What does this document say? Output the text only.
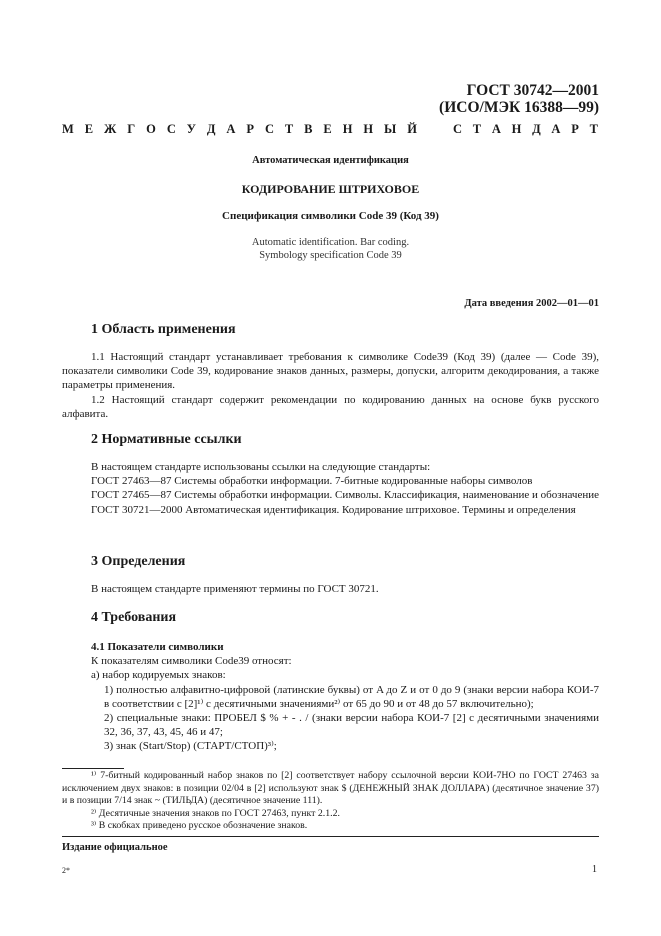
ГОСТ 30742—2001
(ИСО/МЭК 16388—99)
М Е Ж Г О С У Д А Р С Т В Е Н Н Ы Й	С Т А Н Д А Р Т
Автоматическая идентификация
КОДИРОВАНИЕ ШТРИХОВОЕ
Спецификация символики Code 39 (Код 39)
Automatic identification. Bar coding.
Symbology specification Code 39
Дата введения 2002—01—01
1 Область применения

1.1 Настоящий стандарт устанавливает требования к символике Code39 (Код 39) (далее — Code 39), показатели символики Code 39, кодирование знаков данных, размеры, допуски, алгоритм декодирования, а также параметры применения.

1.2 Настоящий стандарт содержит рекомендации по кодированию данных на основе букв русского алфавита.

2 Нормативные ссылки

В настоящем стандарте использованы ссылки на следующие стандарты:

ГОСТ 27463—87 Системы обработки информации. 7-битные кодированные наборы символов

ГОСТ 27465—87 Системы обработки информации. Символы. Классификация, наименование и обозначение

ГОСТ 30721—2000 Автоматическая идентификация. Кодирование штриховое. Термины и определения

3 Определения

В настоящем стандарте применяют термины по ГОСТ 30721.

4 Требования

4.1 Показатели символики

К показателям символики Code39 относят:

а) набор кодируемых знаков:

1) полностью алфавитно-цифровой (латинские буквы) от A до Z и от 0 до 9 (знаки версии набора КОИ-7 в соответствии с [2]¹⁾ с десятичными значениями²⁾ от 65 до 90 и от 48 до 57 включительно);

2) специальные знаки: ПРОБЕЛ $ % + - . / (знаки версии набора КОИ-7 [2] с десятичными значениями 32, 36, 37, 43, 45, 46 и 47;

3) знак (Start/Stop) (СТАРТ/СТОП)³⁾;

¹⁾ 7-битный кодированный набор знаков по [2] соответствует набору ссылочной версии КОИ-7НО по ГОСТ 27463 за исключением двух знаков: в позиции 02/04 в [2] используют знак $ (ДЕНЕЖНЫЙ ЗНАК ДОЛЛАРА) (десятичное значение 37) и в позиции 7/14 знак ~ (ТИЛЬДА) (десятичное значение 111).

²⁾ Десятичные значения знаков по ГОСТ 27463, пункт 2.1.2.

³⁾ В скобках приведено русское обозначение знаков.

Издание официальное
2*	1
